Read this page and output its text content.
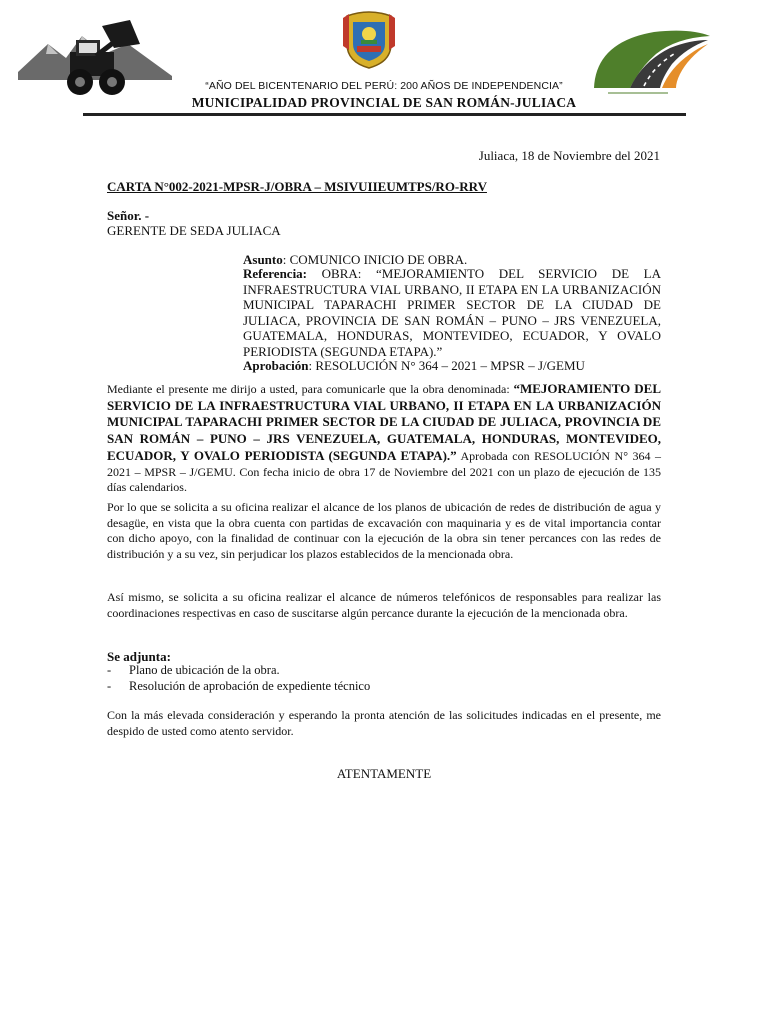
“AÑO DEL BICENTENARIO DEL PERÚ: 200 AÑOS DE INDEPENDENCIA”
MUNICIPALIDAD PROVINCIAL DE SAN ROMÁN-JULIACA
Juliaca, 18 de Noviembre del 2021
CARTA N°002-2021-MPSR-J/OBRA – MSIVUIIEUMTPS/RO-RRV
Señor. -
GERENTE DE SEDA JULIACA
Asunto: COMUNICO INICIO DE OBRA.
Referencia: OBRA: “MEJORAMIENTO DEL SERVICIO DE LA INFRAESTRUCTURA VIAL URBANO, II ETAPA EN LA URBANIZACIÓN MUNICIPAL TAPARACHI PRIMER SECTOR DE LA CIUDAD DE JULIACA, PROVINCIA DE SAN ROMÁN – PUNO – JRS VENEZUELA, GUATEMALA, HONDURAS, MONTEVIDEO, ECUADOR, Y OVALO PERIODISTA (SEGUNDA ETAPA).”
Aprobación: RESOLUCIÓN N° 364 – 2021 – MPSR – J/GEMU
Mediante el presente me dirijo a usted, para comunicarle que la obra denominada: “MEJORAMIENTO DEL SERVICIO DE LA INFRAESTRUCTURA VIAL URBANO, II ETAPA EN LA URBANIZACIÓN MUNICIPAL TAPARACHI PRIMER SECTOR DE LA CIUDAD DE JULIACA, PROVINCIA DE SAN ROMÁN – PUNO – JRS VENEZUELA, GUATEMALA, HONDURAS, MONTEVIDEO, ECUADOR, Y OVALO PERIODISTA (SEGUNDA ETAPA).” Aprobada con RESOLUCIÓN N° 364 – 2021 – MPSR – J/GEMU. Con fecha inicio de obra 17 de Noviembre del 2021 con un plazo de ejecución de 135 días calendarios.
Por lo que se solicita a su oficina realizar el alcance de los planos de ubicación de redes de distribución de agua y desagüe, en vista que la obra cuenta con partidas de excavación con maquinaria y es de vital importancia contar con dicho apoyo, con la finalidad de continuar con la ejecución de la obra sin tener percances con las redes de distribución y a su vez, sin perjudicar los plazos establecidos de la mencionada obra.
Así mismo, se solicita a su oficina realizar el alcance de números telefónicos de responsables para realizar las coordinaciones respectivas en caso de suscitarse algún percance durante la ejecución de la mencionada obra.
Se adjunta:
- Plano de ubicación de la obra.
- Resolución de aprobación de expediente técnico
Con la más elevada consideración y esperando la pronta atención de las solicitudes indicadas en el presente, me despido de usted como atento servidor.
ATENTAMENTE
